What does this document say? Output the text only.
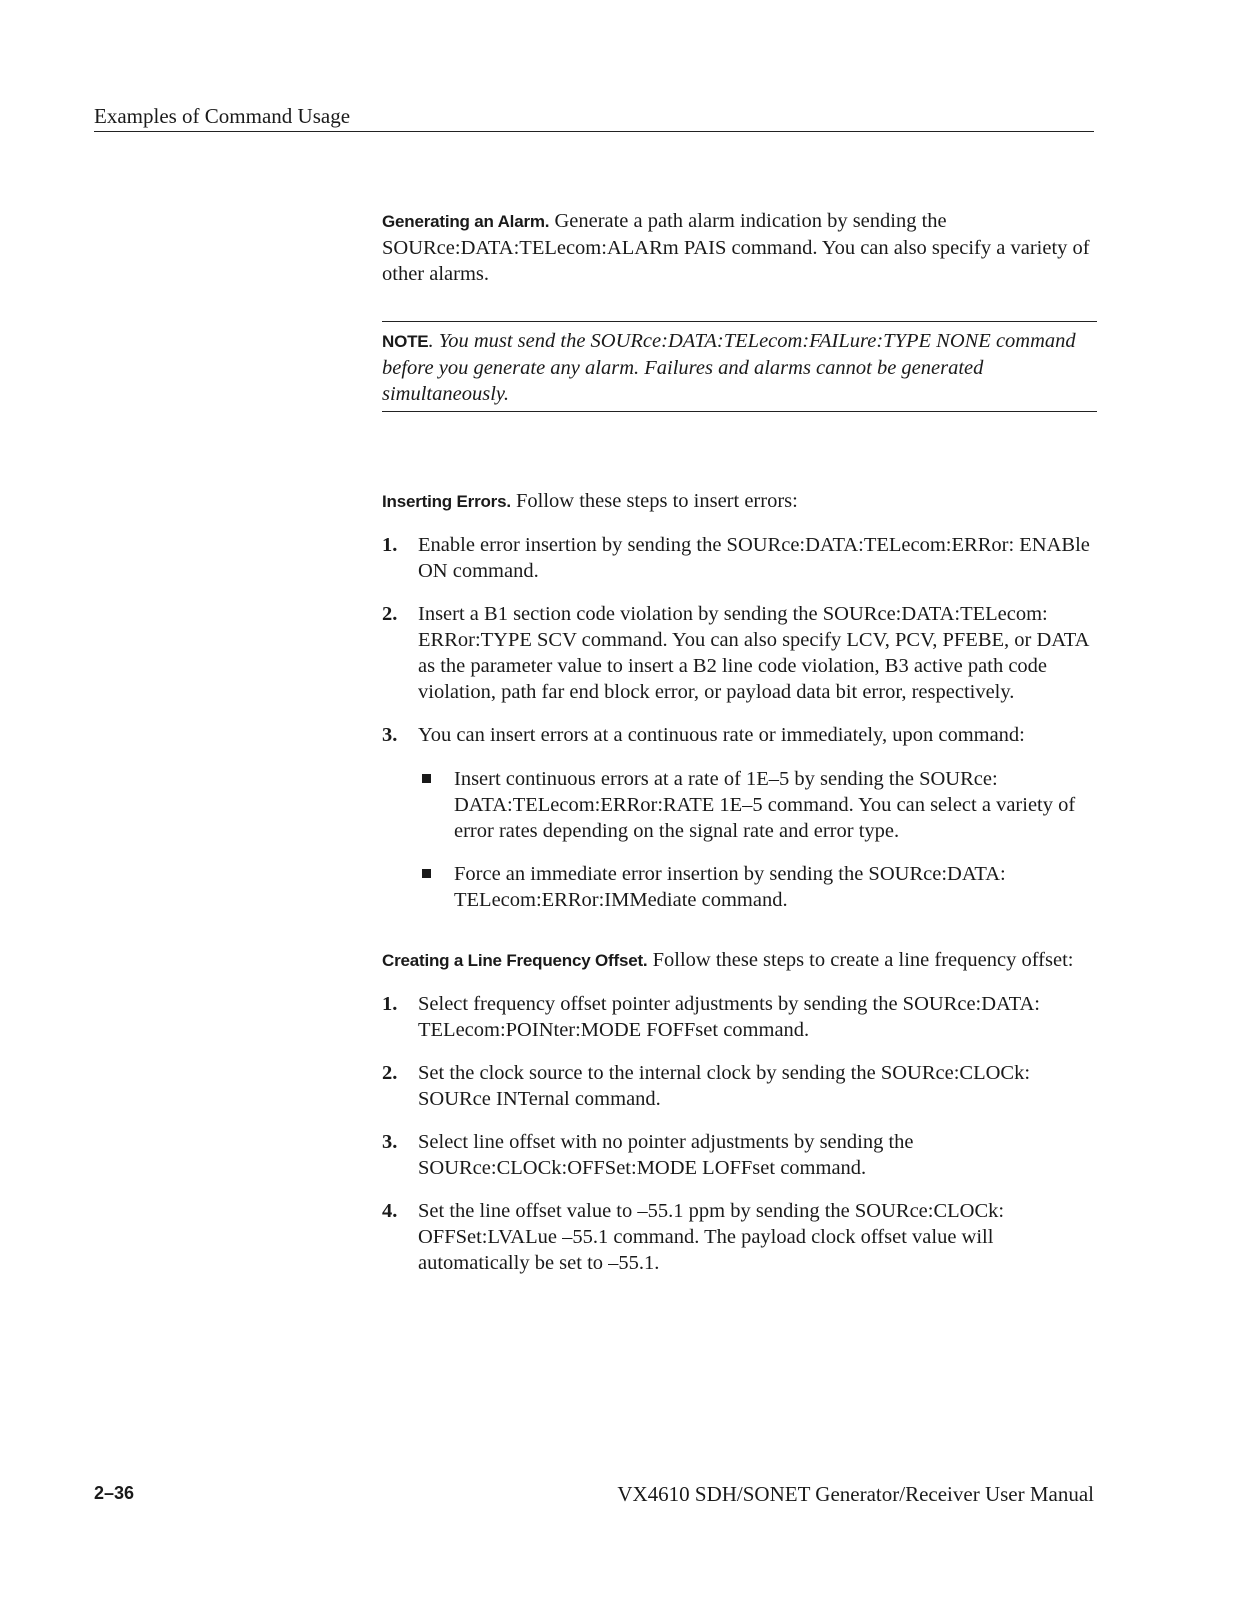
Examples of Command Usage

Generating an Alarm. Generate a path alarm indication by sending the SOURce:DATA:TELecom:ALARm PAIS command. You can also specify a variety of other alarms.

NOTE. You must send the SOURce:DATA:TELecom:FAILure:TYPE NONE command before you generate any alarm. Failures and alarms cannot be generated simultaneously.

Inserting Errors. Follow these steps to insert errors:

1. Enable error insertion by sending the SOURce:DATA:TELecom:ERRor: ENABle ON command.
2. Insert a B1 section code violation by sending the SOURce:DATA:TELecom: ERRor:TYPE SCV command. You can also specify LCV, PCV, PFEBE, or DATA as the parameter value to insert a B2 line code violation, B3 active path code violation, path far end block error, or payload data bit error, respectively.
3. You can insert errors at a continuous rate or immediately, upon command:
Insert continuous errors at a rate of 1E–5 by sending the SOURce: DATA:TELecom:ERRor:RATE 1E–5 command. You can select a variety of error rates depending on the signal rate and error type.
Force an immediate error insertion by sending the SOURce:DATA: TELecom:ERRor:IMMediate command.

Creating a Line Frequency Offset. Follow these steps to create a line frequency offset:

1. Select frequency offset pointer adjustments by sending the SOURce:DATA: TELecom:POINter:MODE FOFFset command.
2. Set the clock source to the internal clock by sending the SOURce:CLOCk: SOURce INTernal command.
3. Select line offset with no pointer adjustments by sending the SOURce:CLOCk:OFFSet:MODE LOFFset command.
4. Set the line offset value to –55.1 ppm by sending the SOURce:CLOCk: OFFSet:LVALue –55.1 command. The payload clock offset value will automatically be set to –55.1.
2–36	VX4610 SDH/SONET Generator/Receiver User Manual
